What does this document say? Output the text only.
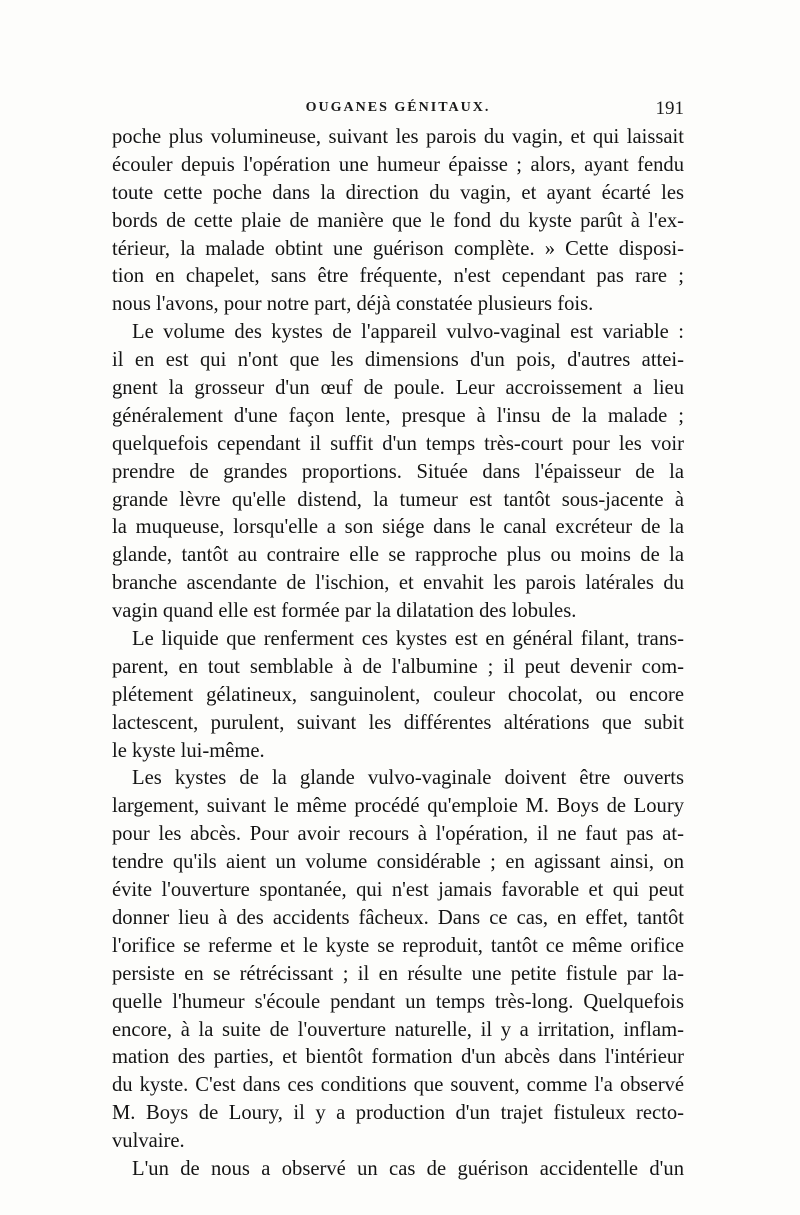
OUGANES GÉNITAUX.	191
poche plus volumineuse, suivant les parois du vagin, et qui laissait
écouler depuis l'opération une humeur épaisse ; alors, ayant fendu
toute cette poche dans la direction du vagin, et ayant écarté les
bords de cette plaie de manière que le fond du kyste parût à l'ex-
térieur, la malade obtint une guérison complète. » Cette disposi-
tion en chapelet, sans être fréquente, n'est cependant pas rare ;
nous l'avons, pour notre part, déjà constatée plusieurs fois.
Le volume des kystes de l'appareil vulvo-vaginal est variable :
il en est qui n'ont que les dimensions d'un pois, d'autres attei-
gnent la grosseur d'un œuf de poule. Leur accroissement a lieu
généralement d'une façon lente, presque à l'insu de la malade ;
quelquefois cependant il suffit d'un temps très-court pour les voir
prendre de grandes proportions. Située dans l'épaisseur de la
grande lèvre qu'elle distend, la tumeur est tantôt sous-jacente à
la muqueuse, lorsqu'elle a son siége dans le canal excréteur de la
glande, tantôt au contraire elle se rapproche plus ou moins de la
branche ascendante de l'ischion, et envahit les parois latérales du
vagin quand elle est formée par la dilatation des lobules.
Le liquide que renferment ces kystes est en général filant, trans-
parent, en tout semblable à de l'albumine ; il peut devenir com-
plétement gélatineux, sanguinolent, couleur chocolat, ou encore
lactescent, purulent, suivant les différentes altérations que subit
le kyste lui-même.
Les kystes de la glande vulvo-vaginale doivent être ouverts
largement, suivant le même procédé qu'emploie M. Boys de Loury
pour les abcès. Pour avoir recours à l'opération, il ne faut pas at-
tendre qu'ils aient un volume considérable ; en agissant ainsi, on
évite l'ouverture spontanée, qui n'est jamais favorable et qui peut
donner lieu à des accidents fâcheux. Dans ce cas, en effet, tantôt
l'orifice se referme et le kyste se reproduit, tantôt ce même orifice
persiste en se rétrécissant ; il en résulte une petite fistule par la-
quelle l'humeur s'écoule pendant un temps très-long. Quelquefois
encore, à la suite de l'ouverture naturelle, il y a irritation, inflam-
mation des parties, et bientôt formation d'un abcès dans l'intérieur
du kyste. C'est dans ces conditions que souvent, comme l'a observé
M. Boys de Loury, il y a production d'un trajet fistuleux recto-
vulvaire.
L'un de nous a observé un cas de guérison accidentelle d'un
